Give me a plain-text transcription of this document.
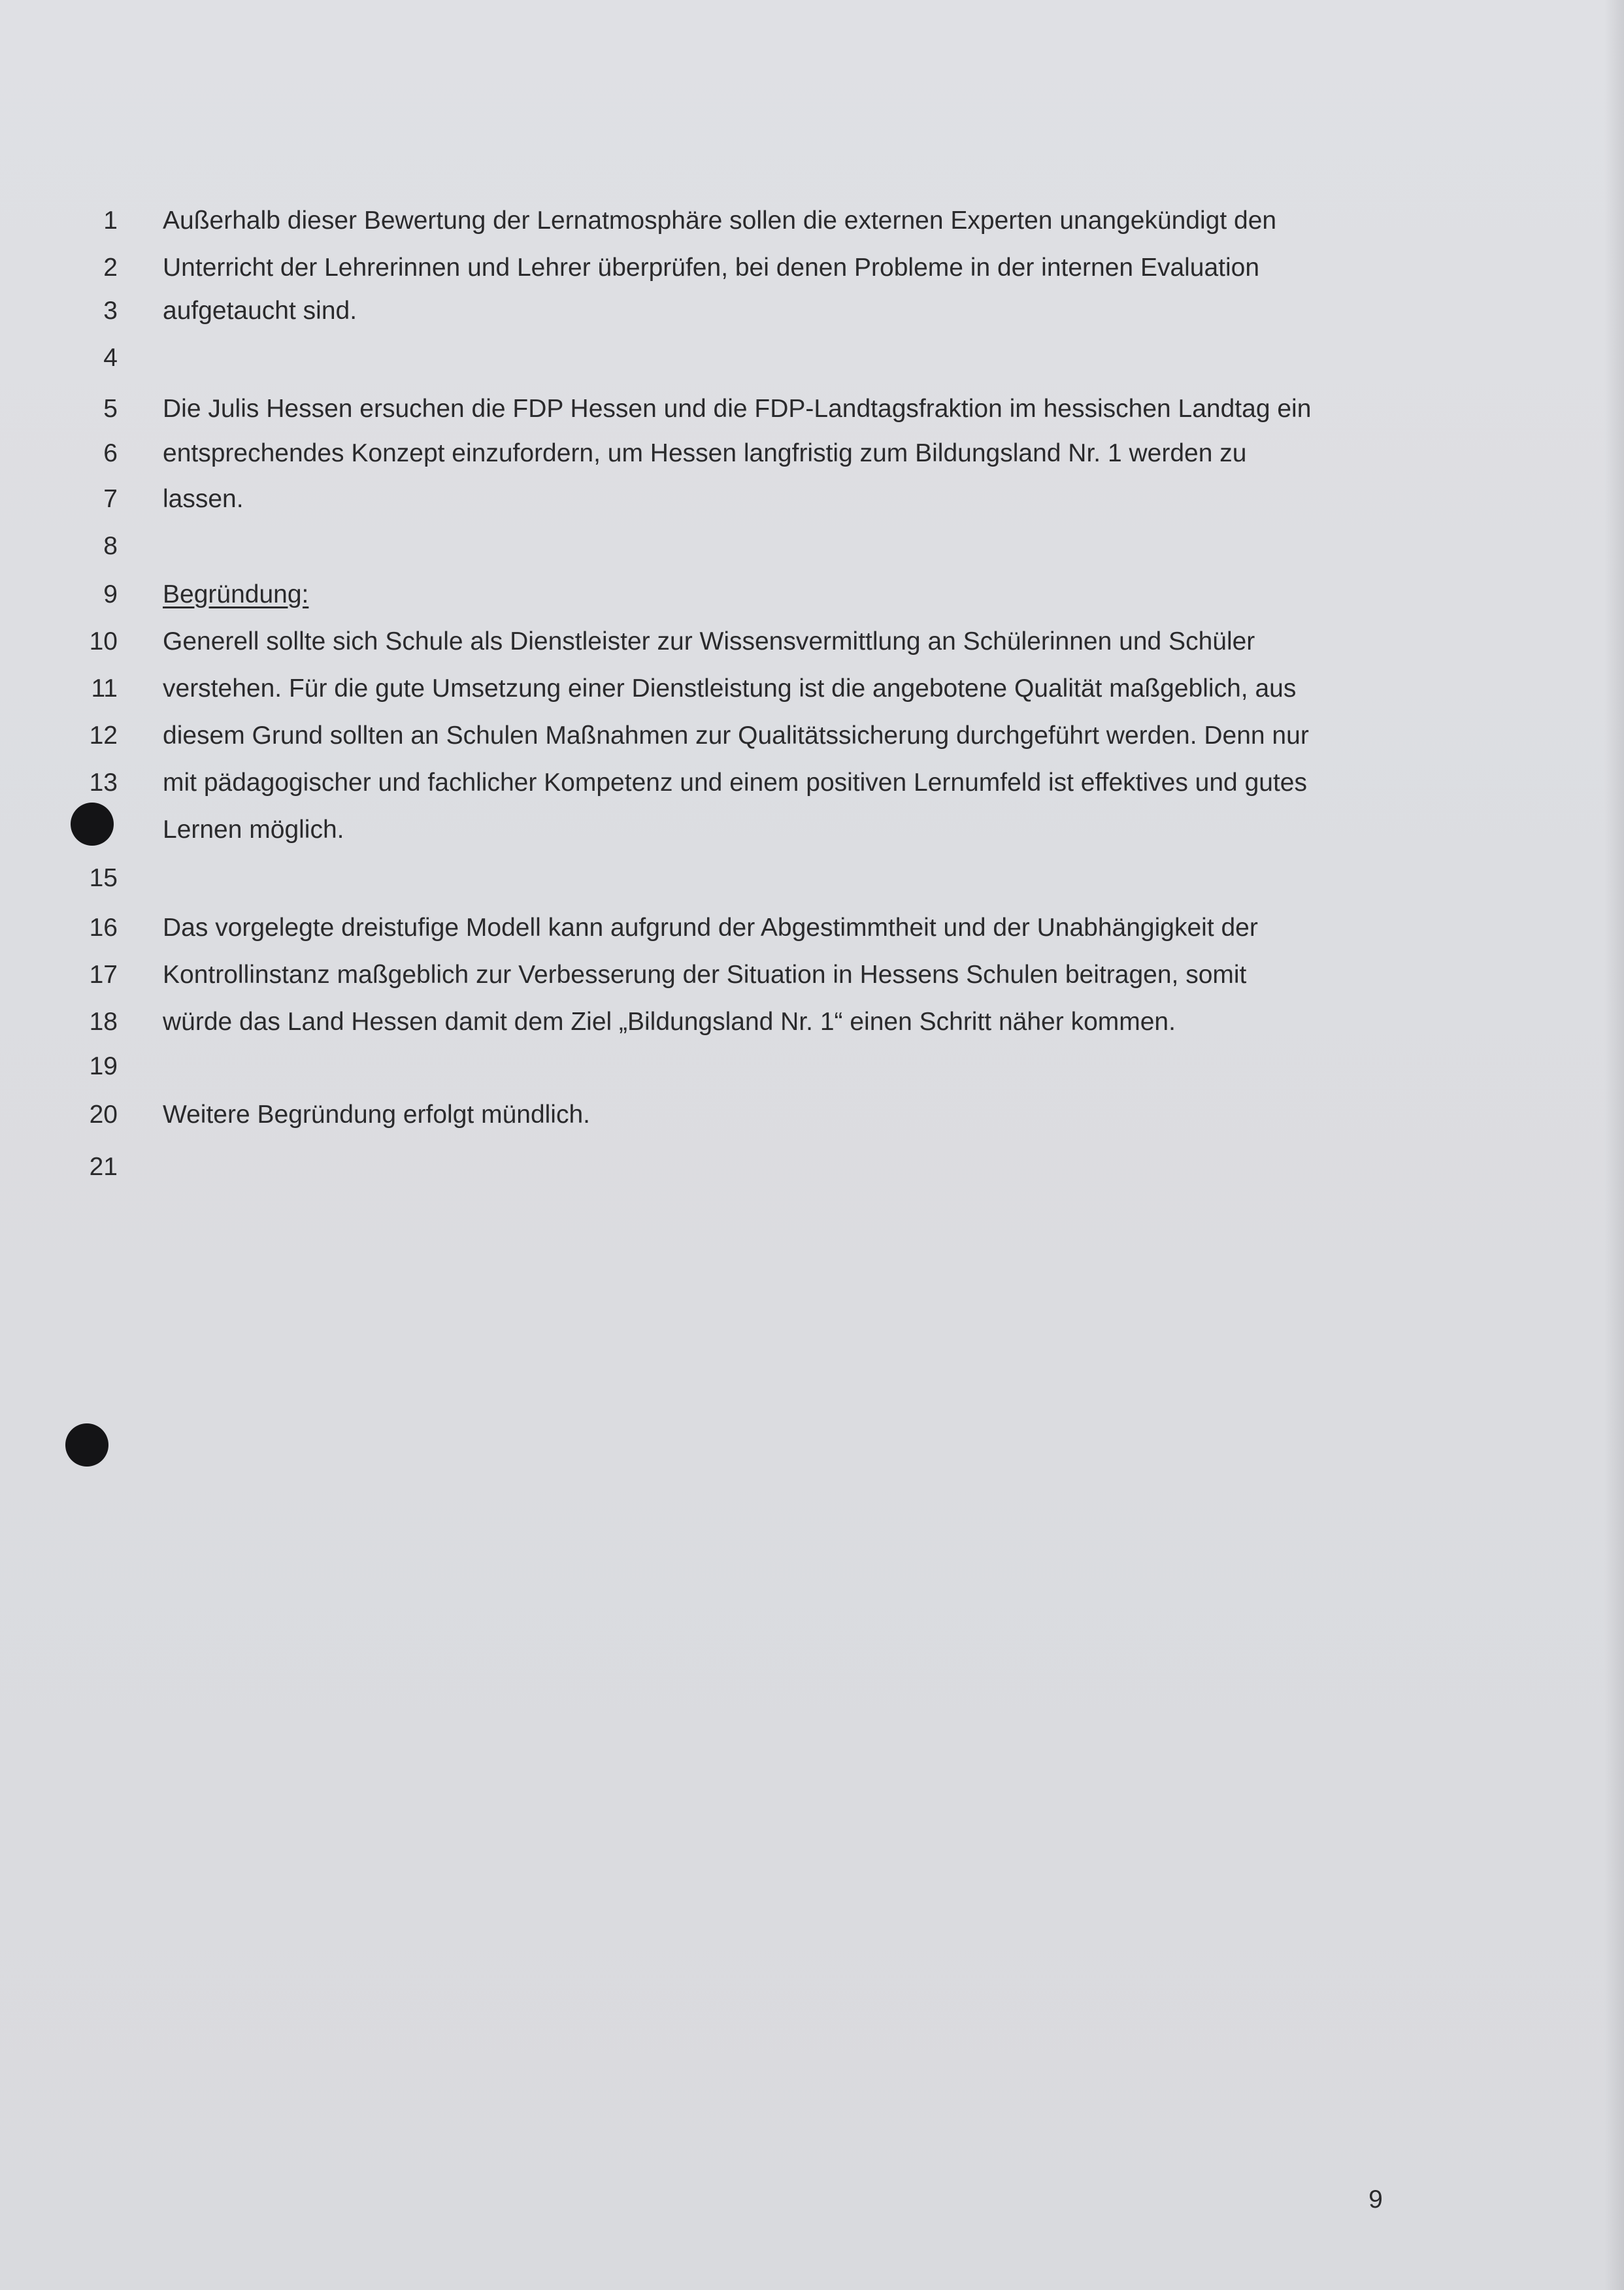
1 Außerhalb dieser Bewertung der Lernatmosphäre sollen die externen Experten unangekündigt den
2 Unterricht der Lehrerinnen und Lehrer überprüfen, bei denen Probleme in der internen Evaluation
3 aufgetaucht sind.
4
5 Die Julis Hessen ersuchen die FDP Hessen und die FDP-Landtagsfraktion im hessischen Landtag ein
6 entsprechendes Konzept einzufordern, um Hessen langfristig zum Bildungsland Nr. 1 werden zu
7 lassen.
8
9 Begründung:
10 Generell sollte sich Schule als Dienstleister zur Wissensvermittlung an Schülerinnen und Schüler
11 verstehen. Für die gute Umsetzung einer Dienstleistung ist die angebotene Qualität maßgeblich, aus
12 diesem Grund sollten an Schulen Maßnahmen zur Qualitätssicherung durchgeführt werden. Denn nur
13 mit pädagogischer und fachlicher Kompetenz und einem positiven Lernumfeld ist effektives und gutes
Lernen möglich.
15
16 Das vorgelegte dreistufige Modell kann aufgrund der Abgestimmtheit und der Unabhängigkeit der
17 Kontrollinstanz maßgeblich zur Verbesserung der Situation in Hessens Schulen beitragen, somit
18 würde das Land Hessen damit dem Ziel „Bildungsland Nr. 1“ einen Schritt näher kommen.
19
20 Weitere Begründung erfolgt mündlich.
21
9
